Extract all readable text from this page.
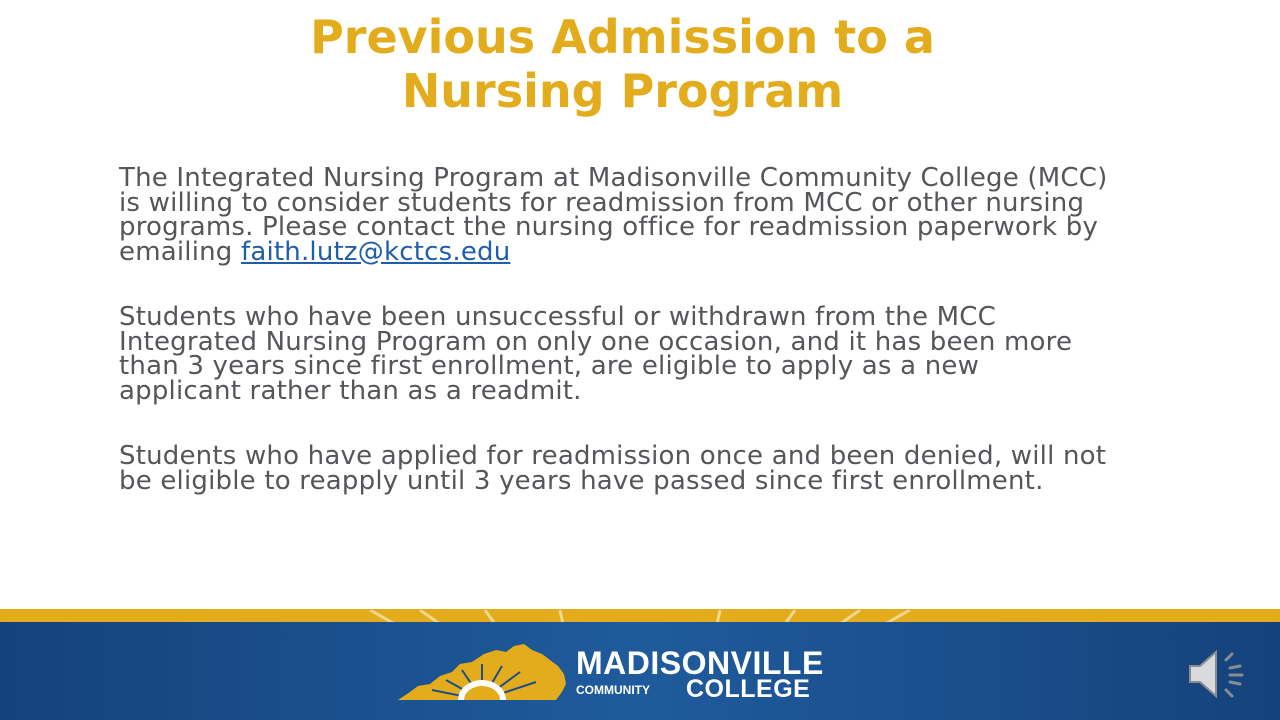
Previous Admission to a
Nursing Program

The Integrated Nursing Program at Madisonville Community College (MCC) is willing to consider students for readmission from MCC or other nursing programs. Please contact the nursing office for readmission paperwork by emailing faith.lutz@kctcs.edu

Students who have been unsuccessful or withdrawn from the MCC Integrated Nursing Program on only one occasion, and it has been more than 3 years since first enrollment, are eligible to apply as a new applicant rather than as a readmit.

Students who have applied for readmission once and been denied, will not be eligible to reapply until 3 years have passed since first enrollment.

MADISONVILLE
COMMUNITY COLLEGE
